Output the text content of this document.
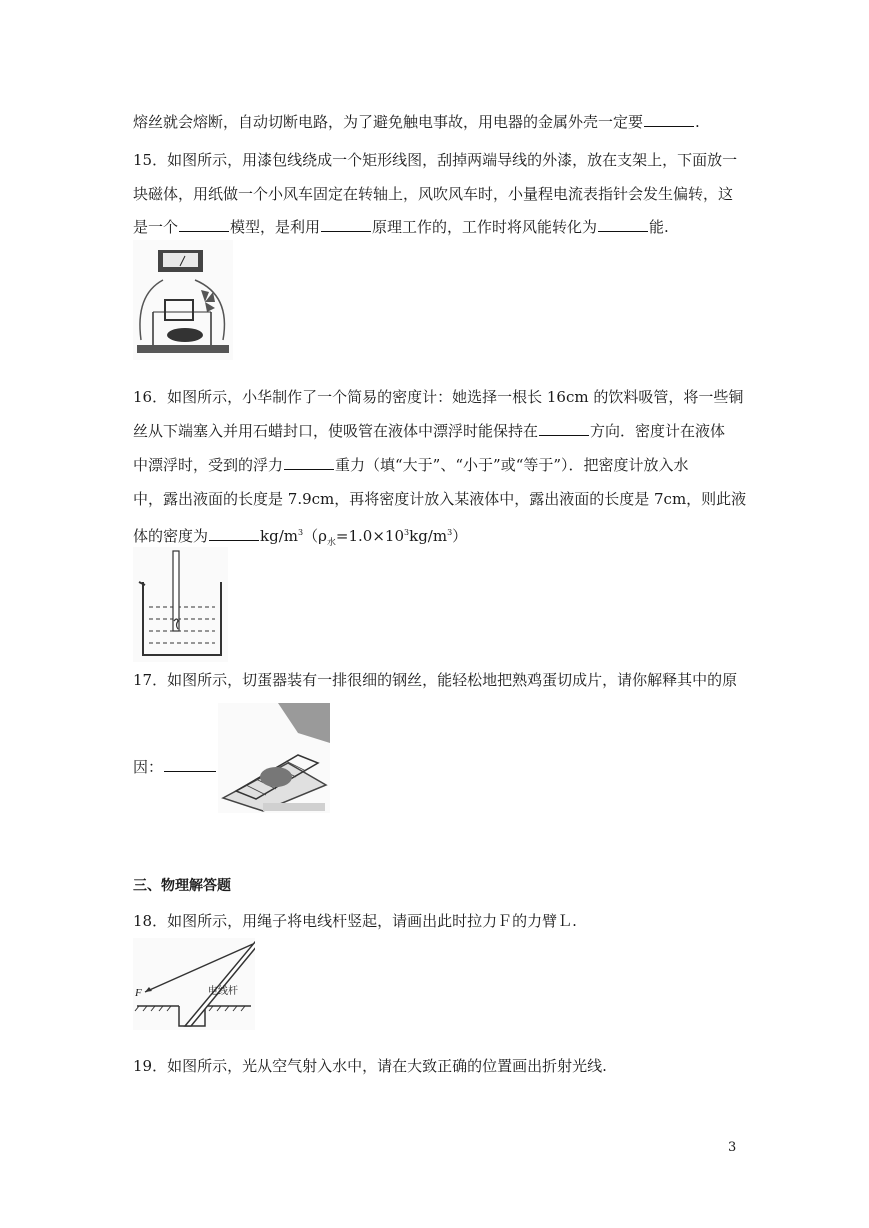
熔丝就会熔断，自动切断电路，为了避免触电事故，用电器的金属外壳一定要	.
15．如图所示，用漆包线绕成一个矩形线图，刮掉两端导线的外漆，放在支架上，下面放一
块磁体，用纸做一个小风车固定在转轴上，风吹风车时，小量程电流表指针会发生偏转，这
是一个	模型，是利用	原理工作的，工作时将风能转化为	能.
16．如图所示，小华制作了一个简易的密度计：她选择一根长 16cm 的饮料吸管，将一些铜
丝从下端塞入并用石蜡封口，使吸管在液体中漂浮时能保持在	方向．密度计在液体
中漂浮时，受到的浮力	重力（填“大于”、“小于”或“等于”）．把密度计放入水
中，露出液面的长度是 7.9cm，再将密度计放入某液体中，露出液面的长度是 7cm，则此液
体的密度为	$kg/m^3(\rho_水=1.0\times 10^3kg/m^3)$
17．如图所示，切蛋器装有一排很细的钢丝，能轻松地把熟鸡蛋切成片，请你解释其中的原
因：
三、物理解答题
18．如图所示，用绳子将电线杆竖起，请画出此时拉力Ｆ的力臂Ｌ.
F	电线杆
19．如图所示，光从空气射入水中，请在大致正确的位置画出折射光线.
3
